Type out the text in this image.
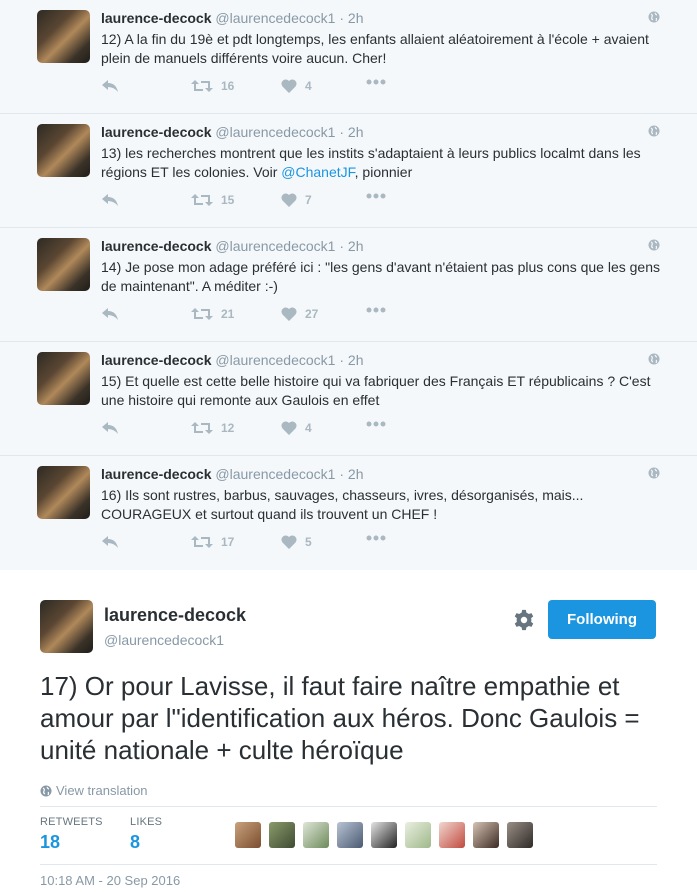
laurence-decock @laurencedecock1 · 2h
12) A la fin du 19è et pdt longtemps, les enfants allaient aléatoirement à l'école + avaient plein de manuels différents voire aucun. Cher!
16	4
laurence-decock @laurencedecock1 · 2h
13) les recherches montrent que les instits s'adaptaient à leurs publics localmt dans les régions ET les colonies. Voir @ChanetJF, pionnier
15	7
laurence-decock @laurencedecock1 · 2h
14) Je pose mon adage préféré ici : "les gens d'avant n'étaient pas plus cons que les gens de maintenant". A méditer :-)
21	27
laurence-decock @laurencedecock1 · 2h
15) Et quelle est cette belle histoire qui va fabriquer des Français ET républicains ? C'est une histoire qui remonte aux Gaulois en effet
12	4
laurence-decock @laurencedecock1 · 2h
16) Ils sont rustres, barbus, sauvages, chasseurs, ivres, désorganisés, mais... COURAGEUX et surtout quand ils trouvent un CHEF !
17	5
laurence-decock
@laurencedecock1
Following
17) Or pour Lavisse, il faut faire naître empathie et amour par l"identification aux héros. Donc Gaulois = unité nationale + culte héroïque
View translation
RETWEETS
18
LIKES
8
10:18 AM - 20 Sep 2016
